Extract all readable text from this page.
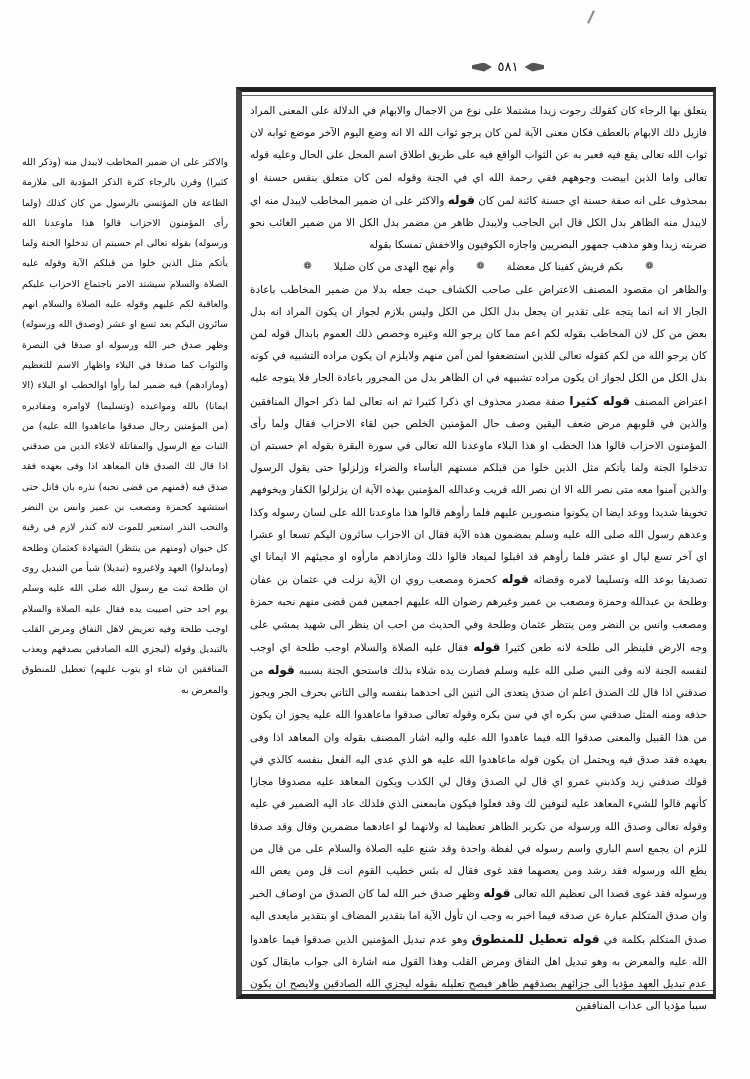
٥٨١

والاكثر على ان ضمير المخاطب لايبدل منه (وذكر الله كثيرا) وقرن بالرجاء كثرة الذكر المؤدية الى ملازمة الطاعة فان المؤتسي بالرسول من كان كذلك (ولما رأى المؤمنون الاحزاب قالوا هذا ماوعدنا الله ورسوله) بقوله تعالى ام حسبتم ان تدخلوا الجنة ولما يأتكم مثل الذين خلوا من قبلكم الآية وقوله عليه الصلاة والسلام سيشتد الامر باجتماع الاحزاب عليكم والعاقبة لكم عليهم وقوله عليه الصلاة والسلام انهم سائرون اليكم بعد تسع او عشر (وصدق الله ورسوله) وظهر صدق خبر الله ورسوله او صدقا في النصرة والثواب كما صدقا في البلاء واظهار الاسم للتعظيم (ومازادهم) فيه ضمير لما رأوا اوالخطب او البلاء (الا ايمانا) بالله ومواعيده (وتسليما) لاوامره ومقاديره (من المؤمنين رجال صدقوا ماعاهدوا الله عليه) من الثبات مع الرسول والمقاتلة لاعلاء الدين من صدقني اذا قال لك الصدق فان المعاهد اذا وفى بعهده فقد صدق فيه (فمنهم من قضى نحبه) نذره بان قاتل حتى استشهد كحمزة ومصعب بن عمير وانس بن النضر والنحب النذر استعير للموت لانه كنذر لازم في رقبة كل حيوان (ومنهم من ينتظر) الشهادة كعثمان وطلحة (ومابدلوا) العهد ولاغيروه (تبديلا) شيأ من التبديل روى ان طلحة ثبت مع رسول الله صلى الله عليه وسلم يوم احد حتى اصيبت يده فقال عليه الصلاة والسلام اوجب طلحة وفيه تعريض لاهل النفاق ومرض القلب بالتبديل وقوله (ليجزي الله الصادقين بصدقهم ويعذب المنافقين ان شاء او يتوب عليهم) تعطيل للمنطوق والمعرض به

يتعلق بها الرجاء كان كقولك رجوت زيدا مشتملا على نوع من الاجمال والابهام في الدلالة على المعنى المراد فازيل ذلك الابهام بالعطف فكان معنى الآية لمن كان يرجو ثواب الله الا انه وضع اليوم الآخر موضع ثوابه لان ثواب الله تعالى يقع فيه فعبر به عن الثواب الواقع فيه على طريق اطلاق اسم المحل على الحال وعليه قوله تعالى واما الذين ابيضت وجوههم ففي رحمة الله اي في الجنة وقوله لمن كان متعلق بنفس حسنة او بمحذوف على انه صفة حسنة اي حسنة كائنة لمن كان قوله والاكثر على ان ضمير المخاطب لايبدل منه اي لايبدل منه الظاهر بدل الكل قال ابن الحاجب ولايبدل ظاهر من مضمر بدل الكل الا من ضمير الغائب نحو ضربته زيدا وهو مذهب جمهور البصريين واجازه الكوفيون والاخفش تمسكا بقوله

❁
بكم قريش كفينا كل معضلة
❁
وأم نهج الهدى من كان ضليلا
❁

والظاهر ان مقصود المصنف الاعتراض على صاحب الكشاف حيث جعله بدلا من ضمير المخاطب باعادة الجار الا انه انما يتجه على تقدير ان يجعل بدل الكل من الكل وليس بلازم لجواز ان يكون المراد انه بدل بعض من كل لان المخاطب بقوله لكم اعم مما كان يرجو الله وغيره وخصص ذلك العموم بابدال قوله لمن كان يرجو الله من لكم كقوله تعالى للذين استضعفوا لمن آمن منهم ولايلزم ان يكون مراده التشبيه في كونه بدل الكل من الكل لجواز ان يكون مراده تشبيهه في ان الظاهر بدل من المجرور باعادة الجار فلا يتوجه عليه اعتراض المصنف قوله كثيرا صفة مصدر محذوف اي ذكرا كثيرا ثم انه تعالى لما ذكر احوال المنافقين والذين في قلوبهم مرض ضعف اليقين وصف حال المؤمنين الخلص حين لقاء الاحزاب فقال ولما رأى المؤمنون الاحزاب قالوا هذا الخطب او هذا البلاء ماوعدنا الله تعالى في سورة البقرة بقوله ام حسبتم ان تدخلوا الجنة ولما يأتكم مثل الذين خلوا من قبلكم مستهم البأساء والضراء وزلزلوا حتى يقول الرسول والذين آمنوا معه متى نصر الله الا ان نصر الله قريب وعدالله المؤمنين بهذه الآية ان يزلزلوا الكفار ويخوفهم تخويفا شديدا ووعد ايضا ان يكونوا منصورين عليهم فلما رأوهم قالوا هذا ماوعدنا الله على لسان رسوله وكذا وعدهم رسول الله صلى الله عليه وسلم بمضمون هذه الآية فقال ان الاحزاب سائرون اليكم تسعا او عشرا اي آخر تسع ليال او عشر فلما رأوهم قد اقبلوا لميعاد قالوا ذلك ومازادهم مارأوه او مجيئهم الا ايمانا اي تصديقا بوعد الله وتسليما لامره وقضائه قوله كحمزة ومصعب روي ان الآية نزلت في عثمان بن عفان وطلحة بن عبدالله وحمزة ومصعب بن عمير وغيرهم رضوان الله عليهم اجمعين فمن قضى منهم نحبه حمزة ومصعب وانس بن النضر ومن ينتظر عثمان وطلحة وفي الحديث من احب ان ينظر الى شهيد يمشي على وجه الارض فلينظر الى طلحة لانه طعن كثيرا قوله فقال عليه الصلاة والسلام اوجب طلحة اي اوجب لنفسه الجنة لانه وقى النبي صلى الله عليه وسلم فصارت يده شلاء بذلك فاستحق الجنة بسببه قوله من صدقني اذا قال لك الصدق اعلم ان صدق يتعدى الى اثنين الى احدهما بنفسه والى الثاني بحرف الجر ويجوز حذفه ومنه المثل صدقني سن بكره اي في سن بكره وقوله تعالى صدقوا ماعاهدوا الله عليه يجوز ان يكون من هذا القبيل والمعنى صدقوا الله فيما عاهدوا الله عليه واليه اشار المصنف بقوله وان المعاهد اذا وفى بعهده فقد صدق فيه ويحتمل ان يكون قوله ماعاهدوا الله عليه هو الذي عدى اليه الفعل بنفسه كالذي في قولك صدقني زيد وكذبني عمرو اي قال لي الصدق وقال لي الكذب ويكون المعاهد عليه مصدوقا مجازا كأنهم قالوا للشيء المعاهد عليه لنوفين لك وقد فعلوا فيكون مابمعنى الذي فلذلك عاد اليه الضمير في عليه وقوله تعالى وصدق الله ورسوله من تكرير الظاهر تعظيما له ولانهما لو اعادهما مضمرين وقال وقد صدقا للزم ان يجمع اسم الباري واسم رسوله في لفظة واحدة وقد شنع عليه الصلاة والسلام على من قال من يطع الله ورسوله فقد رشد ومن يعصهما فقد غوى فقال له بئس خطيب القوم انت قل ومن يعص الله ورسوله فقد غوى قصدا الى تعظيم الله تعالى قوله وظهر صدق خبر الله لما كان الصدق من اوصاف الخبر وان صدق المتكلم عبارة عن صدقه فيما اخبر به وجب ان تأول الآية اما بتقدير المضاف او بتقدير مايعدى اليه صدق المتكلم بكلمة في قوله تعطيل للمنطوق وهو عدم تبديل المؤمنين الذين صدقوا فيما عاهدوا الله عليه والمعرض به وهو تبديل اهل النفاق ومرض القلب وهذا القول منه اشارة الى جواب مايقال كون عدم تبديل العهد مؤديا الى جزائهم بصدقهم ظاهر فيصح تعليله بقوله ليجزي الله الصادقين ولايصح ان يكون سببا مؤديا الى عذاب المنافقين
